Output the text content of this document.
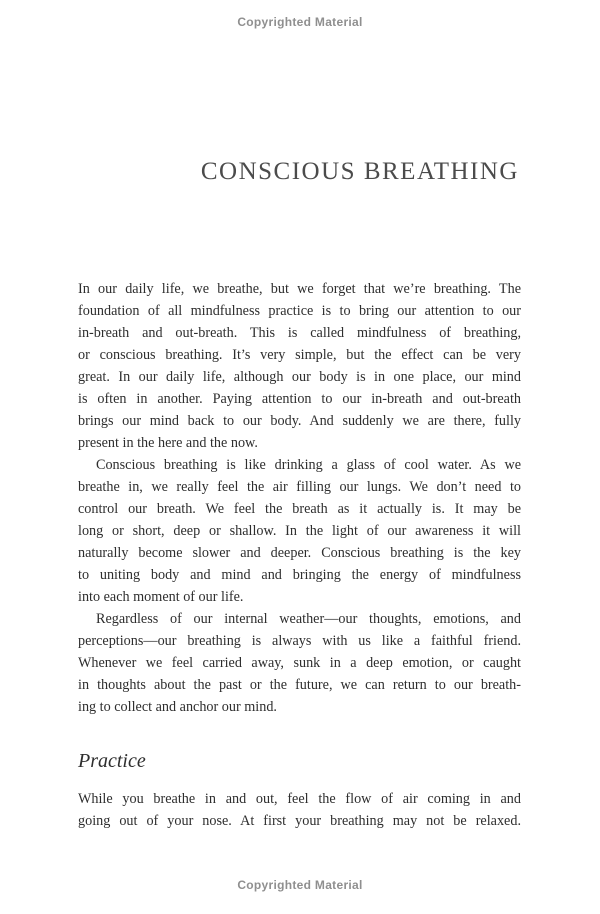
Copyrighted Material
CONSCIOUS BREATHING
In our daily life, we breathe, but we forget that we’re breathing. The
foundation of all mindfulness practice is to bring our attention to our
in-breath and out-breath. This is called mindfulness of breathing,
or conscious breathing. It’s very simple, but the effect can be very
great. In our daily life, although our body is in one place, our mind
is often in another. Paying attention to our in-breath and out-breath
brings our mind back to our body. And suddenly we are there, fully
present in the here and the now.
Conscious breathing is like drinking a glass of cool water. As we
breathe in, we really feel the air filling our lungs. We don’t need to
control our breath. We feel the breath as it actually is. It may be
long or short, deep or shallow. In the light of our awareness it will
naturally become slower and deeper. Conscious breathing is the key
to uniting body and mind and bringing the energy of mindfulness
into each moment of our life.
Regardless of our internal weather—our thoughts, emotions, and
perceptions—our breathing is always with us like a faithful friend.
Whenever we feel carried away, sunk in a deep emotion, or caught
in thoughts about the past or the future, we can return to our breath-
ing to collect and anchor our mind.
Practice
While you breathe in and out, feel the flow of air coming in and
going out of your nose. At first your breathing may not be relaxed.
Copyrighted Material
